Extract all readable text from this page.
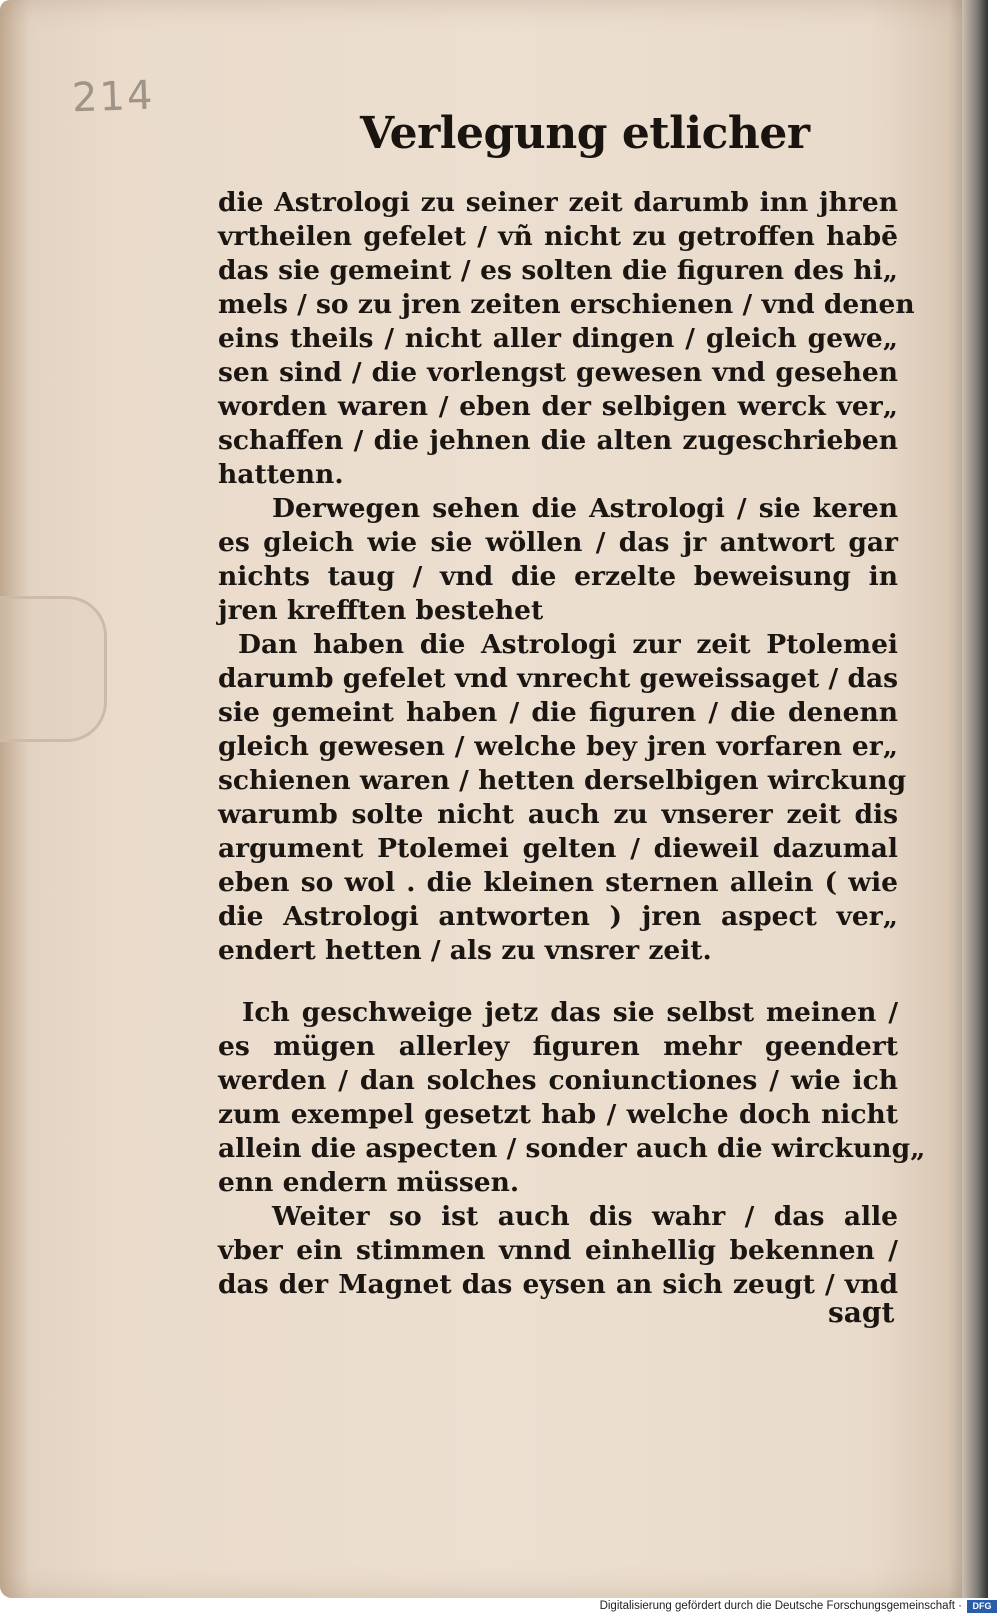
214
Verlegung etlicher
die Astrologi zu seiner zeit darumb inn jhren
vrtheilen gefelet / vñ nicht zu getroffen habē
das sie gemeint / es solten die figuren des hi„
mels / so zu jren zeiten erschienen / vnd denen
eins theils / nicht aller dingen / gleich gewe„
sen sind / die vorlengst gewesen vnd gesehen
worden waren / eben der selbigen werck ver„
schaffen / die jehnen die alten zugeschrieben
hattenn.
Derwegen sehen die Astrologi / sie keren
es gleich wie sie wöllen / das jr antwort gar
nichts taug / vnd die erzelte beweisung in
jren krefften bestehet
Dan haben die Astrologi zur zeit Ptolemei
darumb gefelet vnd vnrecht geweissaget / das
sie gemeint haben / die figuren / die denenn
gleich gewesen / welche bey jren vorfaren er„
schienen waren / hetten derselbigen wirckung
warumb solte nicht auch zu vnserer zeit dis
argument Ptolemei gelten / dieweil dazumal
eben so wol . die kleinen sternen allein ( wie
die Astrologi antworten ) jren aspect ver„
endert hetten / als zu vnsrer zeit.
Ich geschweige jetz das sie selbst meinen /
es mügen allerley figuren mehr geendert
werden / dan solches coniunctiones / wie ich
zum exempel gesetzt hab / welche doch nicht
allein die aspecten / sonder auch die wirckung„
enn endern müssen.
Weiter so ist auch dis wahr / das alle
vber ein stimmen vnnd einhellig bekennen /
das der Magnet das eysen an sich zeugt / vnd
sagt
Digitalisierung gefördert durch die Deutsche Forschungsgemeinschaft ·	DFG
